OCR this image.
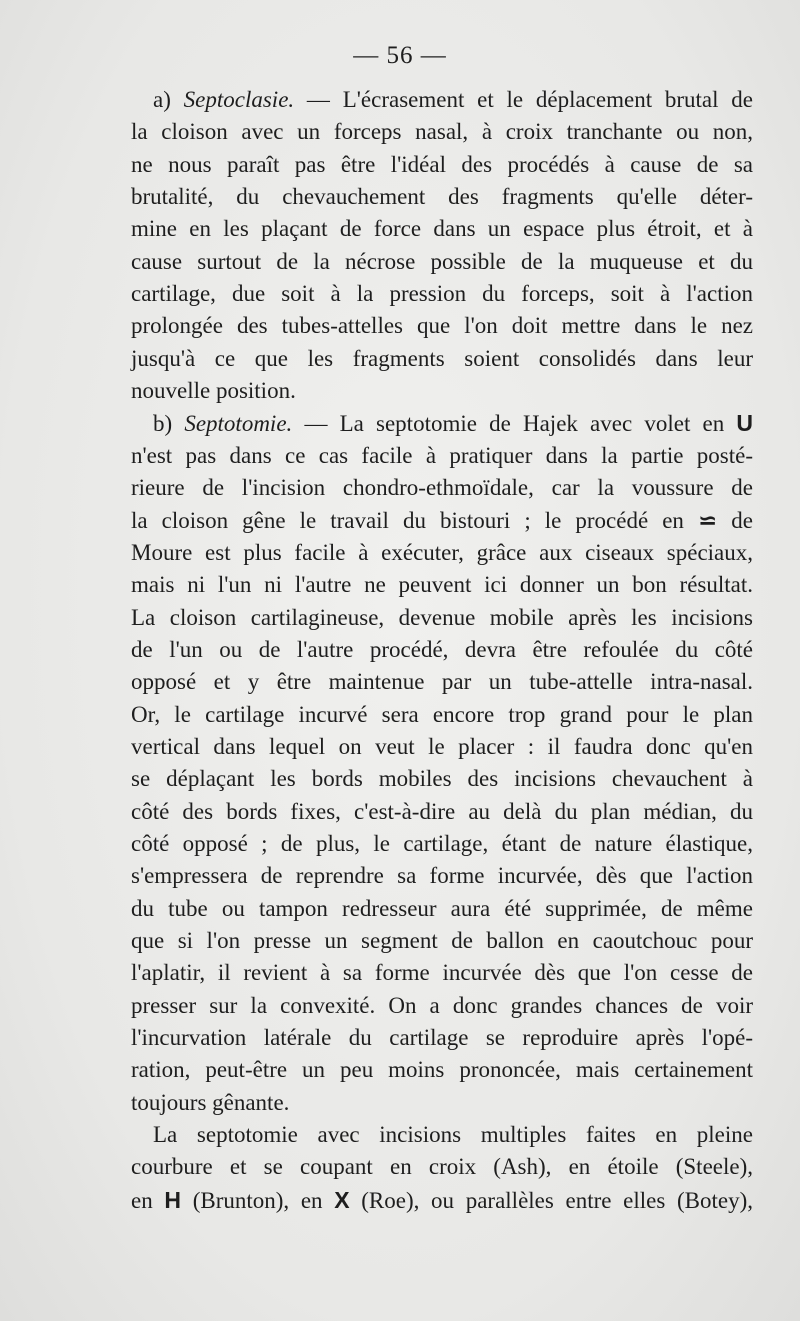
— 56 —
a) Septoclasie. — L'écrasement et le déplacement brutal de
la cloison avec un forceps nasal, à croix tranchante ou non,
ne nous paraît pas être l'idéal des procédés à cause de sa
brutalité, du chevauchement des fragments qu'elle déter-
mine en les plaçant de force dans un espace plus étroit, et à
cause surtout de la nécrose possible de la muqueuse et du
cartilage, due soit à la pression du forceps, soit à l'action
prolongée des tubes-attelles que l'on doit mettre dans le nez
jusqu'à ce que les fragments soient consolidés dans leur
nouvelle position.
b) Septotomie. — La septotomie de Hajek avec volet en U
n'est pas dans ce cas facile à pratiquer dans la partie posté-
rieure de l'incision chondro-ethmoïdale, car la voussure de
la cloison gêne le travail du bistouri ; le procédé en ⋍ de
Moure est plus facile à exécuter, grâce aux ciseaux spéciaux,
mais ni l'un ni l'autre ne peuvent ici donner un bon résultat.
La cloison cartilagineuse, devenue mobile après les incisions
de l'un ou de l'autre procédé, devra être refoulée du côté
opposé et y être maintenue par un tube-attelle intra-nasal.
Or, le cartilage incurvé sera encore trop grand pour le plan
vertical dans lequel on veut le placer : il faudra donc qu'en
se déplaçant les bords mobiles des incisions chevauchent à
côté des bords fixes, c'est-à-dire au delà du plan médian, du
côté opposé ; de plus, le cartilage, étant de nature élastique,
s'empressera de reprendre sa forme incurvée, dès que l'action
du tube ou tampon redresseur aura été supprimée, de même
que si l'on presse un segment de ballon en caoutchouc pour
l'aplatir, il revient à sa forme incurvée dès que l'on cesse de
presser sur la convexité. On a donc grandes chances de voir
l'incurvation latérale du cartilage se reproduire après l'opé-
ration, peut-être un peu moins prononcée, mais certainement
toujours gênante.
La septotomie avec incisions multiples faites en pleine
courbure et se coupant en croix (Ash), en étoile (Steele),
en H (Brunton), en X (Roe), ou parallèles entre elles (Botey),
